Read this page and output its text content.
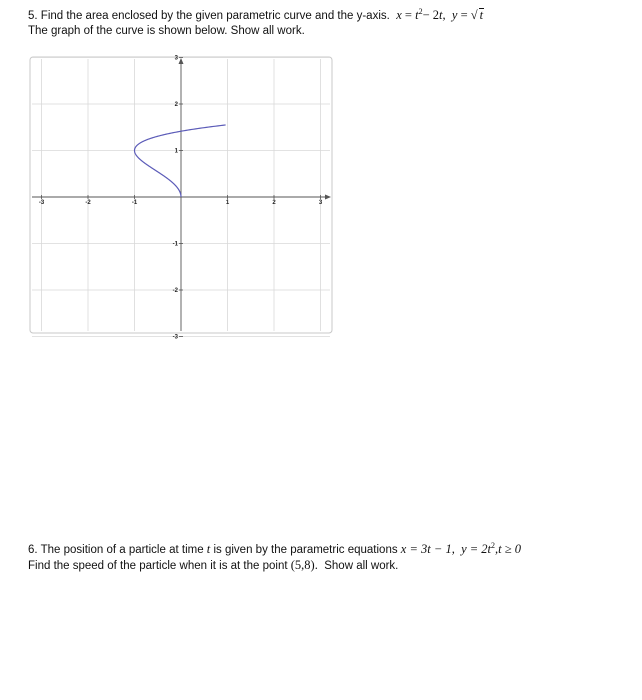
5. Find the area enclosed by the given parametric curve and the y-axis. $x = t^2- 2t$, y = √ t
The graph of the curve is shown below. Show all work.
-3	-2	-1	1	2	3
3
2
1
-1
-2
-3
6. The position of a particle at time t is given by the parametric equations x = 3t − 1, $y = 2t^2,t \ge 0$
Find the speed of the particle when it is at the point (5,8). Show all work.
